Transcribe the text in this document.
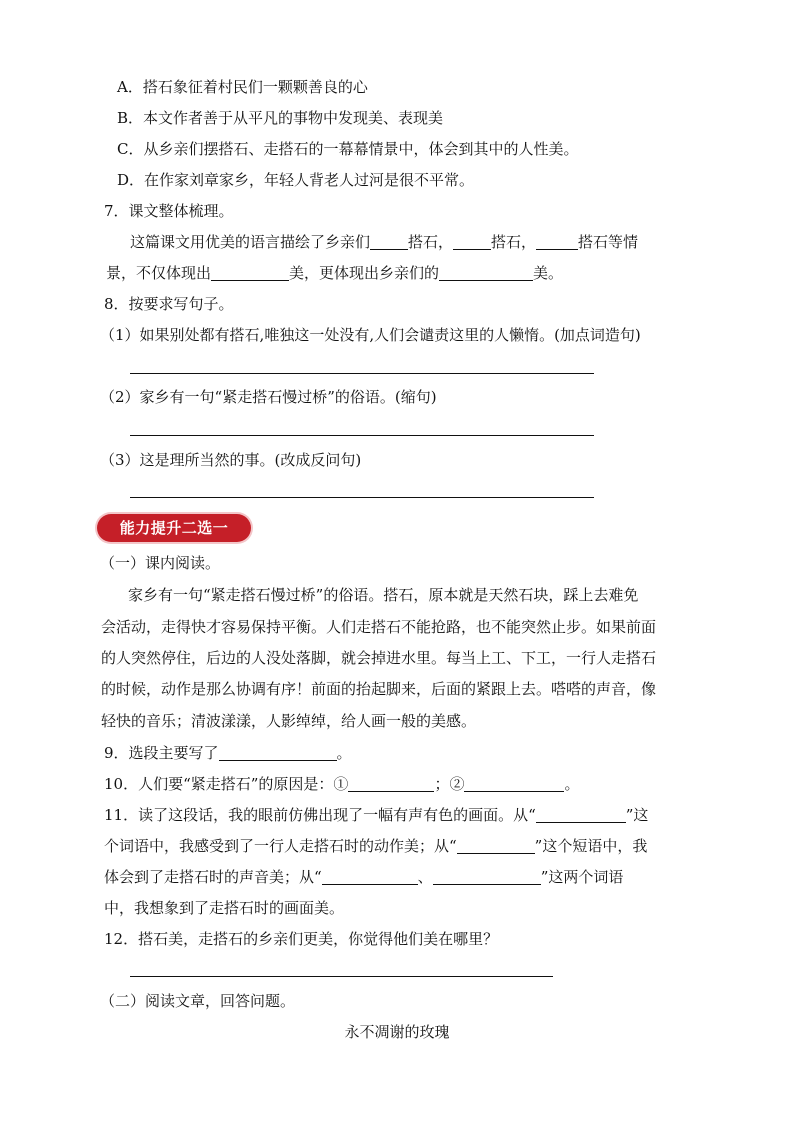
A．搭石象征着村民们一颗颗善良的心
B．本文作者善于从平凡的事物中发现美、表现美
C．从乡亲们摆搭石、走搭石的一幕幕情景中，体会到其中的人性美。
D．在作家刘章家乡，年轻人背老人过河是很不平常。
7．课文整体梳理。
这篇课文用优美的语言描绘了乡亲们	搭石，	搭石，	搭石等情
景，不仅体现出	美，更体现出乡亲们的	美。
8．按要求写句子。
（1）如果别处都有搭石,唯独这一处没有,人们会谴责这里的人懒惰。(加点词造句)
（2）家乡有一句“紧走搭石慢过桥”的俗语。(缩句)
（3）这是理所当然的事。(改成反问句)
能力提升二选一
（一）课内阅读。
家乡有一句“紧走搭石慢过桥”的俗语。搭石，原本就是天然石块，踩上去难免
会活动，走得快才容易保持平衡。人们走搭石不能抢路，也不能突然止步。如果前面
的人突然停住，后边的人没处落脚，就会掉进水里。每当上工、下工，一行人走搭石
的时候，动作是那么协调有序！前面的抬起脚来，后面的紧跟上去。嗒嗒的声音，像
轻快的音乐；清波漾漾，人影绰绰，给人画一般的美感。
9．选段主要写了	。
10．人们要“紧走搭石”的原因是：①	；②	。
11．读了这段话，我的眼前仿佛出现了一幅有声有色的画面。从“	”这
个词语中，我感受到了一行人走搭石时的动作美；从“	”这个短语中，我
体会到了走搭石时的声音美；从“	、	”这两个词语
中，我想象到了走搭石时的画面美。
12．搭石美，走搭石的乡亲们更美，你觉得他们美在哪里？
（二）阅读文章，回答问题。
永不凋谢的玫瑰
